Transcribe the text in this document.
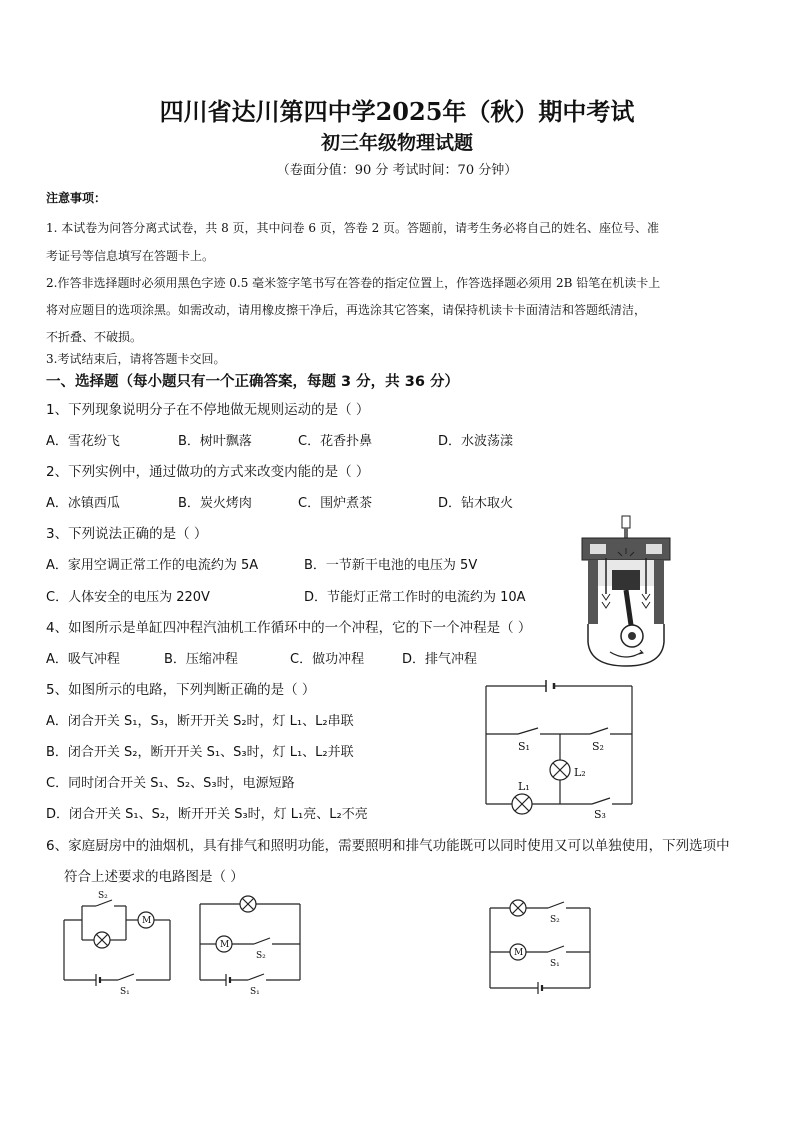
四川省达川第四中学2025年（秋）期中考试
初三年级物理试题
（卷面分值：90 分 考试时间：70 分钟）
注意事项：
1. 本试卷为问答分离式试卷，共 8 页，其中问卷 6 页，答卷 2 页。答题前，请考生务必将自己的姓名、座位号、准
考证号等信息填写在答题卡上。
2.作答非选择题时必须用黑色字迹 0.5 毫米签字笔书写在答卷的指定位置上，作答选择题必须用 2B 铅笔在机读卡上
将对应题目的选项涂黑。如需改动，请用橡皮擦干净后，再选涂其它答案，请保持机读卡卡面清洁和答题纸清洁，
不折叠、不破损。
3.考试结束后，请将答题卡交回。
一、选择题（每小题只有一个正确答案，每题 3 分，共 36 分）
1、下列现象说明分子在不停地做无规则运动的是（ ）
A．雪花纷飞	B．树叶飘落	C．花香扑鼻	D．水波荡漾
2、下列实例中，通过做功的方式来改变内能的是（ ）
A．冰镇西瓜	B．炭火烤肉	C．围炉煮茶	D．钻木取火
3、下列说法正确的是（ ）
A．家用空调正常工作的电流约为 5A	B．一节新干电池的电压为 5V
C．人体安全的电压为 220V	D．节能灯正常工作时的电流约为 10A
4、如图所示是单缸四冲程汽油机工作循环中的一个冲程，它的下一个冲程是（ ）
A．吸气冲程	B．压缩冲程	C．做功冲程	D．排气冲程
5、如图所示的电路，下列判断正确的是（ ）
A．闭合开关 S₁，S₃，断开开关 S₂时，灯 L₁、L₂串联
B．闭合开关 S₂，断开开关 S₁、S₃时，灯 L₁、L₂并联
C．同时闭合开关 S₁、S₂、S₃时，电源短路
D．闭合开关 S₁、S₂，断开开关 S₃时，灯 L₁亮、L₂不亮
6、家庭厨房中的油烟机，具有排气和照明功能，需要照明和排气功能既可以同时使用又可以单独使用，下列选项中
符合上述要求的电路图是（ ）
S₁	S₂
L₂
L₁
S₃
M
S₂
S₁
M
S₂
S₁
M
S₂
S₁
